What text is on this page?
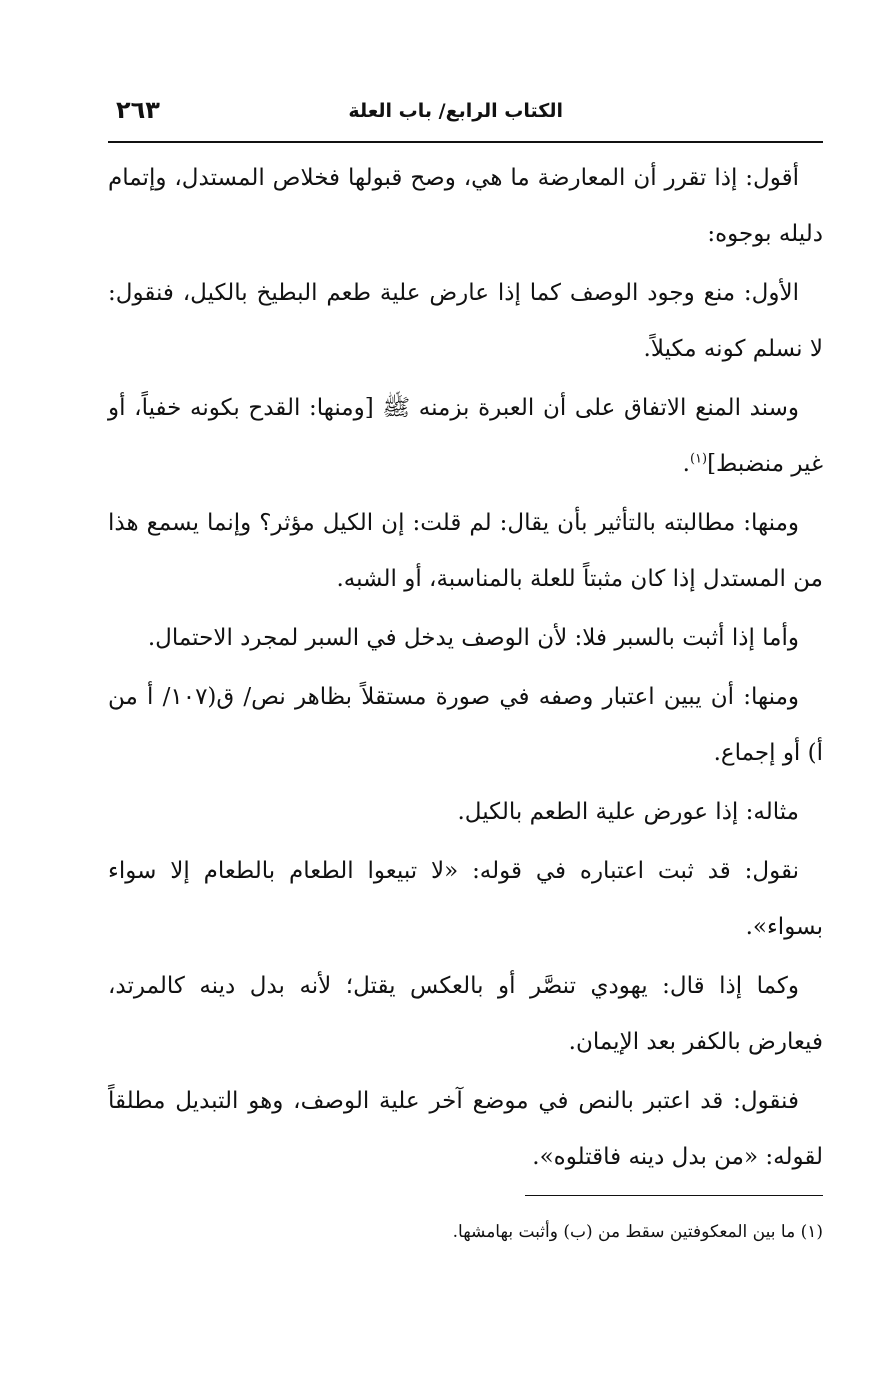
الكتاب الرابع/ باب العلة
٢٦٣

أقول: إذا تقرر أن المعارضة ما هي، وصح قبولها فخلاص المستدل، وإتمام دليله بوجوه:

الأول: منع وجود الوصف كما إذا عارض علية طعم البطيخ بالكيل، فنقول: لا نسلم كونه مكيلاً.

وسند المنع الاتفاق على أن العبرة بزمنه ﷺ [ومنها: القدح بكونه خفياً، أو غير منضبط]$^{(١)}$.

ومنها: مطالبته بالتأثير بأن يقال: لم قلت: إن الكيل مؤثر؟ وإنما يسمع هذا من المستدل إذا كان مثبتاً للعلة بالمناسبة، أو الشبه.

وأما إذا أثبت بالسبر فلا: لأن الوصف يدخل في السبر لمجرد الاحتمال.

ومنها: أن يبين اعتبار وصفه في صورة مستقلاً بظاهر نص/ ق(١٠٧/ أ من أ) أو إجماع.

مثاله: إذا عورض علية الطعم بالكيل.

نقول: قد ثبت اعتباره في قوله: «لا تبيعوا الطعام بالطعام إلا سواء بسواء».

وكما إذا قال: يهودي تنصَّر أو بالعكس يقتل؛ لأنه بدل دينه كالمرتد، فيعارض بالكفر بعد الإيمان.

فنقول: قد اعتبر بالنص في موضع آخر علية الوصف، وهو التبديل مطلقاً لقوله: «من بدل دينه فاقتلوه».

(١) ما بين المعكوفتين سقط من (ب) وأثبت بهامشها.
